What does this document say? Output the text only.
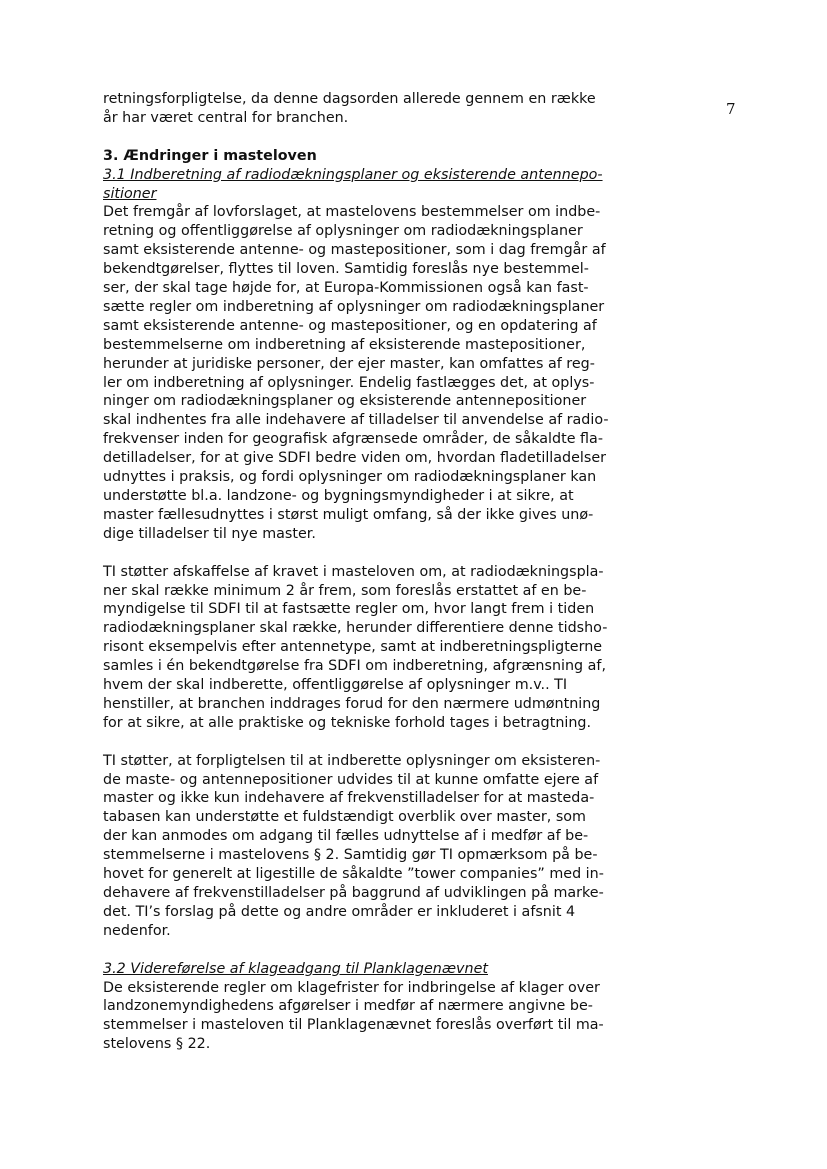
7
retningsforpligtelse, da denne dagsorden allerede gennem en række
år har været central for branchen.
3. Ændringer i masteloven
3.1 Indberetning af radiodækningsplaner og eksisterende antennepo-
sitioner
Det fremgår af lovforslaget, at mastelovens bestemmelser om indbe-
retning og offentliggørelse af oplysninger om radiodækningsplaner
samt eksisterende antenne- og mastepositioner, som i dag fremgår af
bekendtgørelser, flyttes til loven. Samtidig foreslås nye bestemmel-
ser, der skal tage højde for, at Europa-Kommissionen også kan fast-
sætte regler om indberetning af oplysninger om radiodækningsplaner
samt eksisterende antenne- og mastepositioner, og en opdatering af
bestemmelserne om indberetning af eksisterende mastepositioner,
herunder at juridiske personer, der ejer master, kan omfattes af reg-
ler om indberetning af oplysninger. Endelig fastlægges det, at oplys-
ninger om radiodækningsplaner og eksisterende antennepositioner
skal indhentes fra alle indehavere af tilladelser til anvendelse af radio-
frekvenser inden for geografisk afgrænsede områder, de såkaldte fla-
detilladelser, for at give SDFI bedre viden om, hvordan fladetilladelser
udnyttes i praksis, og fordi oplysninger om radiodækningsplaner kan
understøtte bl.a. landzone- og bygningsmyndigheder i at sikre, at
master fællesudnyttes i størst muligt omfang, så der ikke gives unø-
dige tilladelser til nye master.
TI støtter afskaffelse af kravet i masteloven om, at radiodækningspla-
ner skal række minimum 2 år frem, som foreslås erstattet af en be-
myndigelse til SDFI til at fastsætte regler om, hvor langt frem i tiden
radiodækningsplaner skal række, herunder differentiere denne tidsho-
risont eksempelvis efter antennetype, samt at indberetningspligterne
samles i én bekendtgørelse fra SDFI om indberetning, afgrænsning af,
hvem der skal indberette, offentliggørelse af oplysninger m.v.. TI
henstiller, at branchen inddrages forud for den nærmere udmøntning
for at sikre, at alle praktiske og tekniske forhold tages i betragtning.
TI støtter, at forpligtelsen til at indberette oplysninger om eksisteren-
de maste- og antennepositioner udvides til at kunne omfatte ejere af
master og ikke kun indehavere af frekvenstilladelser for at masteda-
tabasen kan understøtte et fuldstændigt overblik over master, som
der kan anmodes om adgang til fælles udnyttelse af i medfør af be-
stemmelserne i mastelovens § 2. Samtidig gør TI opmærksom på be-
hovet for generelt at ligestille de såkaldte ”tower companies” med in-
dehavere af frekvenstilladelser på baggrund af udviklingen på marke-
det. TI’s forslag på dette og andre områder er inkluderet i afsnit 4
nedenfor.
3.2 Videreførelse af klageadgang til Planklagenævnet
De eksisterende regler om klagefrister for indbringelse af klager over
landzonemyndighedens afgørelser i medfør af nærmere angivne be-
stemmelser i masteloven til Planklagenævnet foreslås overført til ma-
stelovens § 22.
